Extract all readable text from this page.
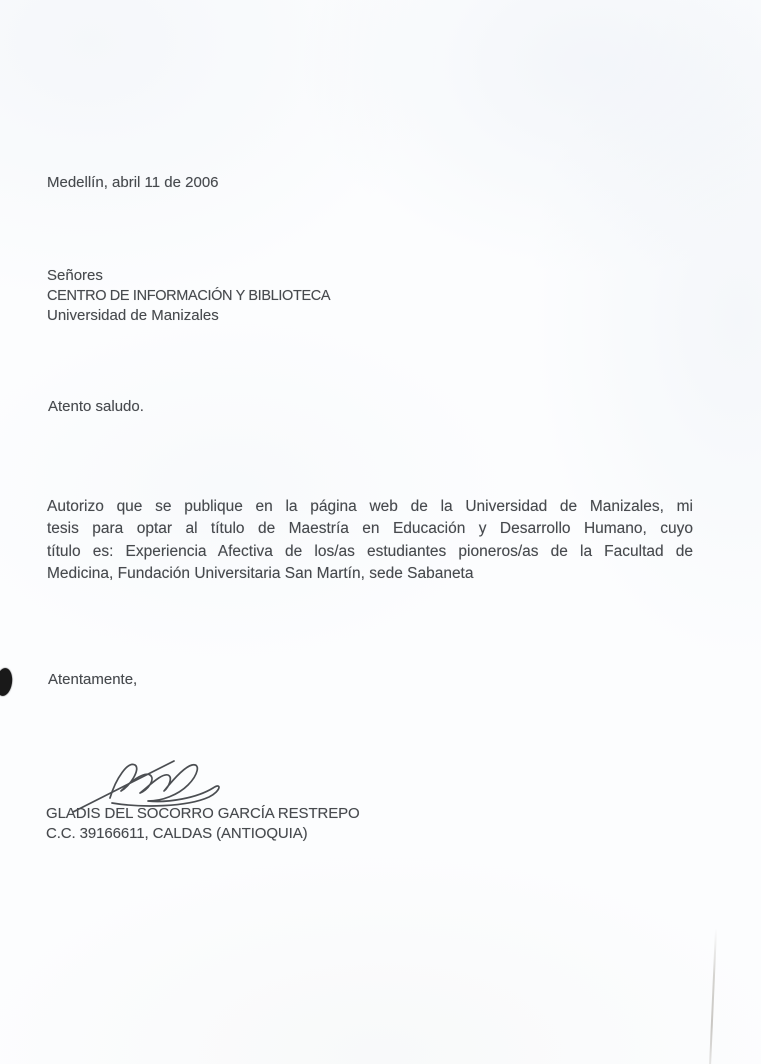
Medellín, abril 11 de 2006
Señores
CENTRO DE INFORMACIÓN Y BIBLIOTECA
Universidad de Manizales
Atento saludo.
Autorizo que se publique en la página web de la Universidad de Manizales, mi
tesis para optar al título de Maestría en Educación y Desarrollo Humano, cuyo
título es: Experiencia Afectiva de los/as estudiantes pioneros/as de la Facultad de
Medicina, Fundación Universitaria San Martín, sede Sabaneta
Atentamente,
GLADIS DEL SOCORRO GARCÍA RESTREPO
C.C. 39166611, CALDAS (ANTIOQUIA)
